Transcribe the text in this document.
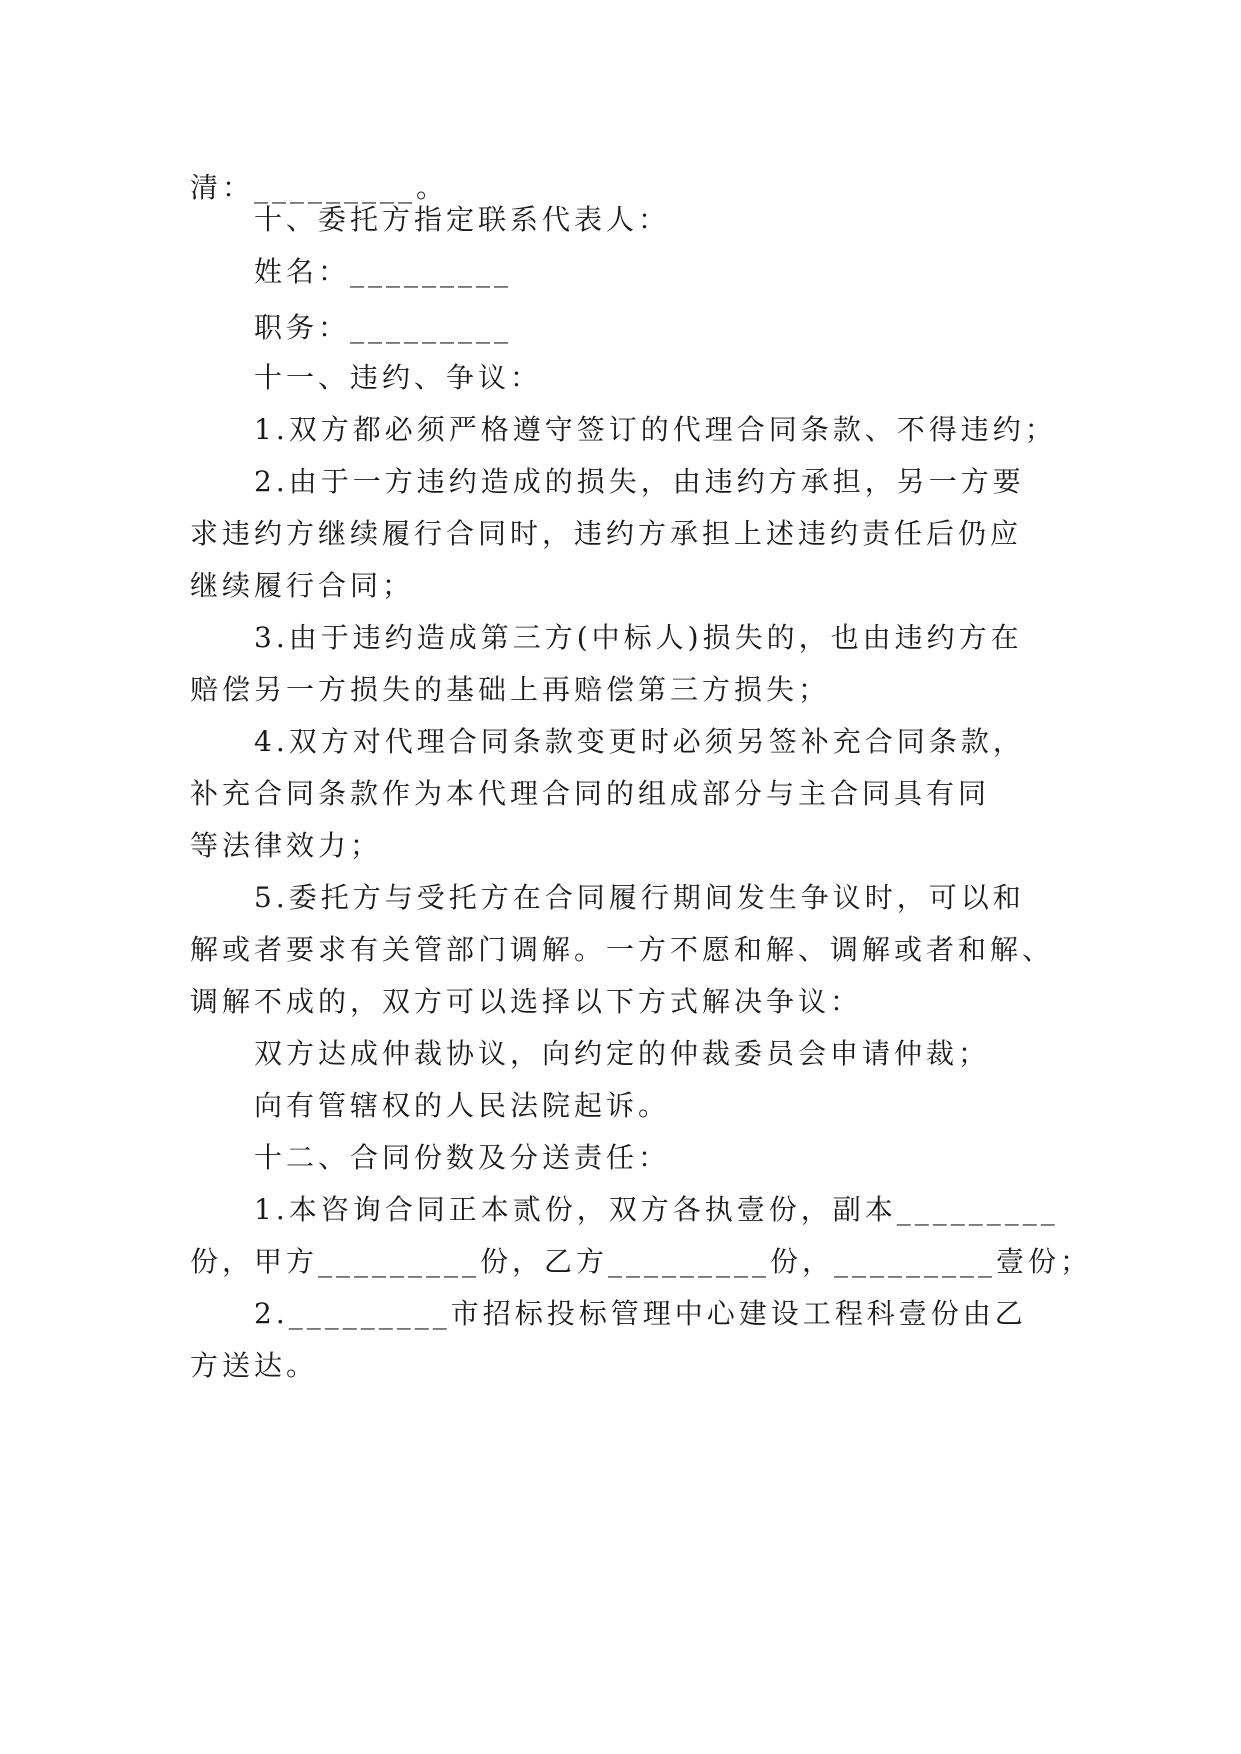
清：_________。
十、委托方指定联系代表人：
姓名：_________
职务：_________
十一、违约、争议：
1.双方都必须严格遵守签订的代理合同条款、不得违约；
2.由于一方违约造成的损失，由违约方承担，另一方要
求违约方继续履行合同时，违约方承担上述违约责任后仍应
继续履行合同；
3.由于违约造成第三方(中标人)损失的，也由违约方在
赔偿另一方损失的基础上再赔偿第三方损失；
4.双方对代理合同条款变更时必须另签补充合同条款，
补充合同条款作为本代理合同的组成部分与主合同具有同
等法律效力；
5.委托方与受托方在合同履行期间发生争议时，可以和
解或者要求有关管部门调解。一方不愿和解、调解或者和解、
调解不成的，双方可以选择以下方式解决争议：
双方达成仲裁协议，向约定的仲裁委员会申请仲裁；
向有管辖权的人民法院起诉。
十二、合同份数及分送责任：
1.本咨询合同正本贰份，双方各执壹份，副本_________
份，甲方_________份，乙方_________份，_________壹份；
2._________市招标投标管理中心建设工程科壹份由乙
方送达。
